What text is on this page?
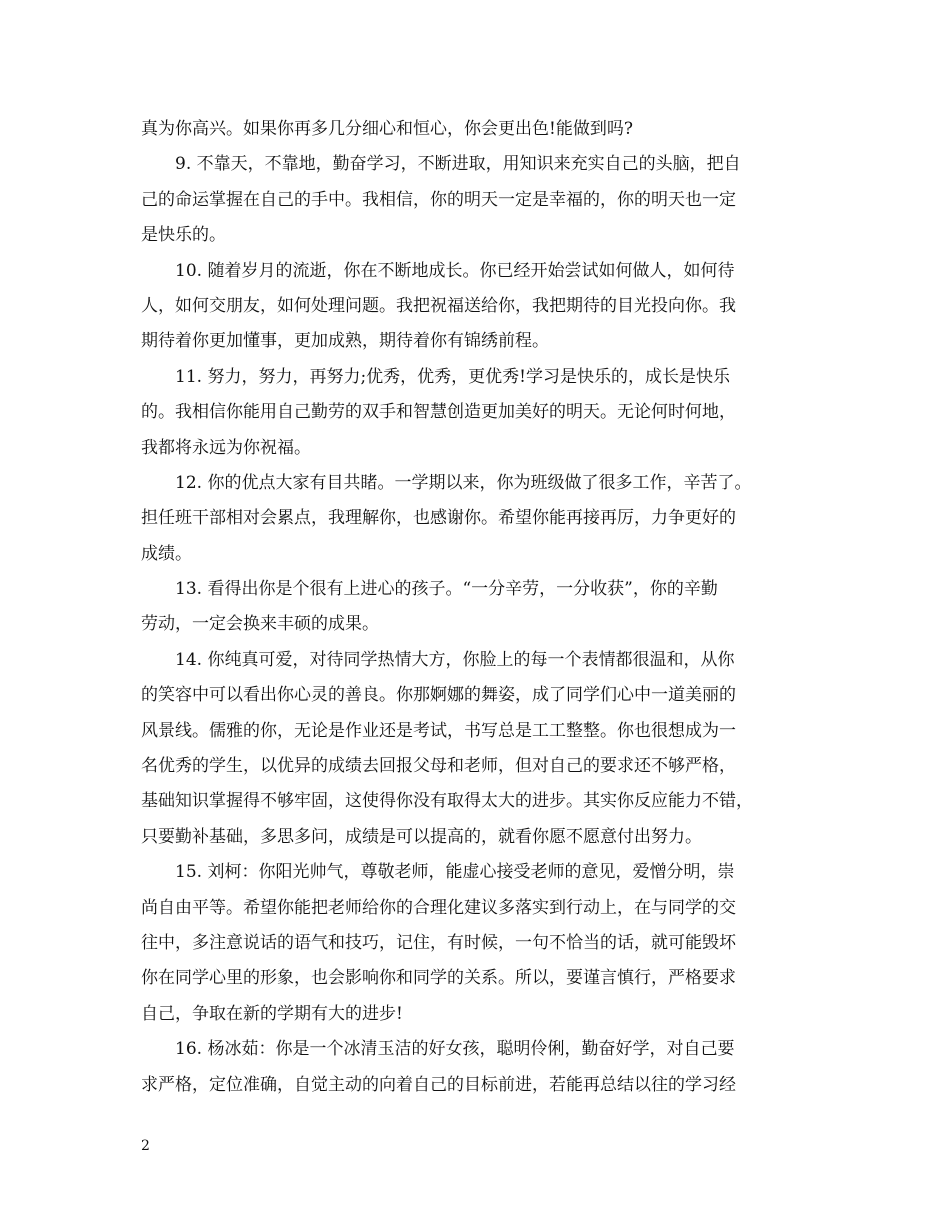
真为你高兴。如果你再多几分细心和恒心，你会更出色!能做到吗?
9. 不靠天，不靠地，勤奋学习，不断进取，用知识来充实自己的头脑，把自
己的命运掌握在自己的手中。我相信，你的明天一定是幸福的，你的明天也一定
是快乐的。
10. 随着岁月的流逝，你在不断地成长。你已经开始尝试如何做人，如何待
人，如何交朋友，如何处理问题。我把祝福送给你，我把期待的目光投向你。我
期待着你更加懂事，更加成熟，期待着你有锦绣前程。
11. 努力，努力，再努力;优秀，优秀，更优秀!学习是快乐的，成长是快乐
的。我相信你能用自己勤劳的双手和智慧创造更加美好的明天。无论何时何地，
我都将永远为你祝福。
12. 你的优点大家有目共睹。一学期以来，你为班级做了很多工作，辛苦了。
担任班干部相对会累点，我理解你，也感谢你。希望你能再接再厉，力争更好的
成绩。
13. 看得出你是个很有上进心的孩子。“一分辛劳，一分收获”，你的辛勤
劳动，一定会换来丰硕的成果。
14. 你纯真可爱，对待同学热情大方，你脸上的每一个表情都很温和，从你
的笑容中可以看出你心灵的善良。你那婀娜的舞姿，成了同学们心中一道美丽的
风景线。儒雅的你，无论是作业还是考试，书写总是工工整整。你也很想成为一
名优秀的学生，以优异的成绩去回报父母和老师，但对自己的要求还不够严格，
基础知识掌握得不够牢固，这使得你没有取得太大的进步。其实你反应能力不错，
只要勤补基础，多思多问，成绩是可以提高的，就看你愿不愿意付出努力。
15. 刘柯：你阳光帅气，尊敬老师，能虚心接受老师的意见，爱憎分明，崇
尚自由平等。希望你能把老师给你的合理化建议多落实到行动上，在与同学的交
往中，多注意说话的语气和技巧，记住，有时候，一句不恰当的话，就可能毁坏
你在同学心里的形象，也会影响你和同学的关系。所以，要谨言慎行，严格要求
自己，争取在新的学期有大的进步!
16. 杨冰茹：你是一个冰清玉洁的好女孩，聪明伶俐，勤奋好学，对自己要
求严格，定位准确，自觉主动的向着自己的目标前进，若能再总结以往的学习经
2
